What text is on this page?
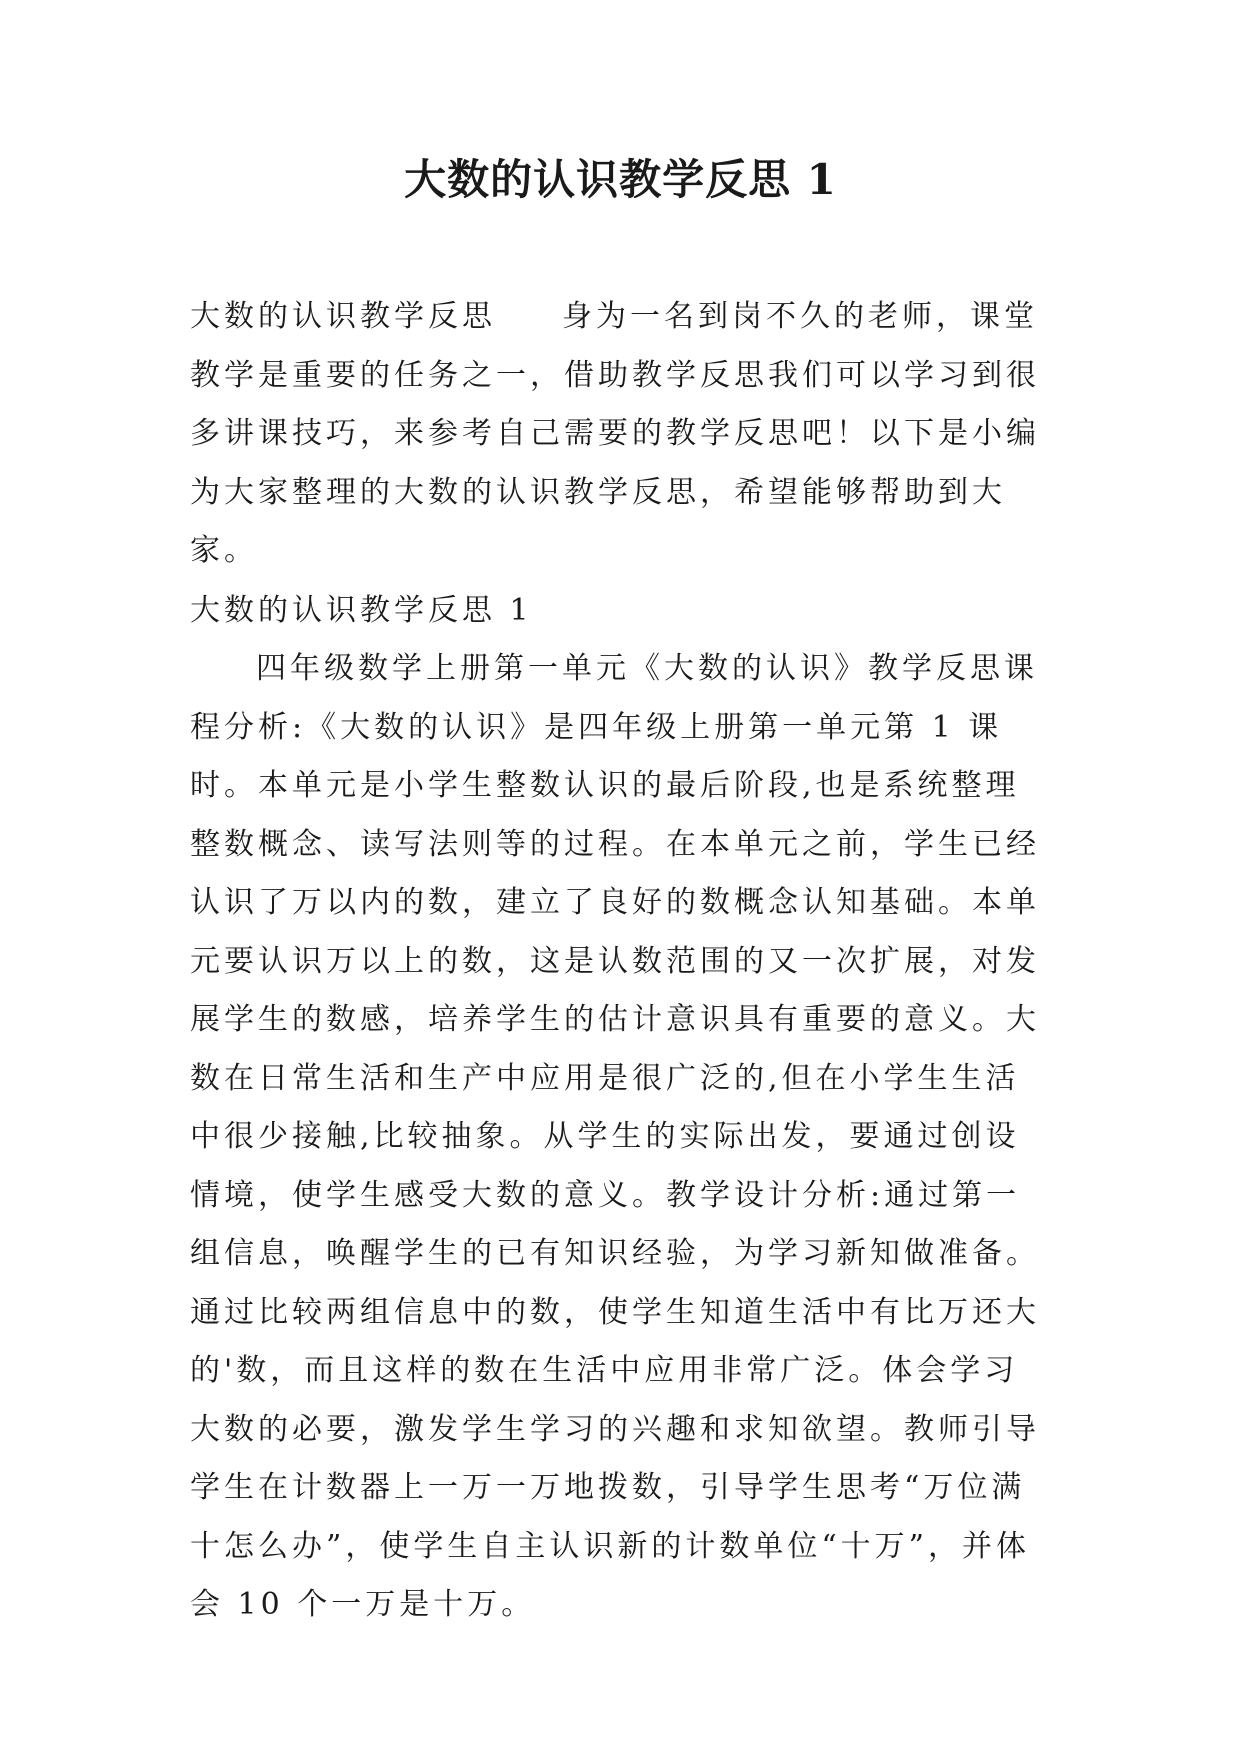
大数的认识教学反思 1

大数的认识教学反思 身为一名到岗不久的老师，课堂教学是重要的任务之一，借助教学反思我们可以学习到很多讲课技巧，来参考自己需要的教学反思吧！以下是小编为大家整理的大数的认识教学反思，希望能够帮助到大家。

大数的认识教学反思 1

四年级数学上册第一单元《大数的认识》教学反思课程分析:《大数的认识》是四年级上册第一单元第 1 课时。本单元是小学生整数认识的最后阶段,也是系统整理整数概念、读写法则等的过程。在本单元之前，学生已经认识了万以内的数，建立了良好的数概念认知基础。本单元要认识万以上的数，这是认数范围的又一次扩展，对发展学生的数感，培养学生的估计意识具有重要的意义。大数在日常生活和生产中应用是很广泛的,但在小学生生活中很少接触,比较抽象。从学生的实际出发，要通过创设情境，使学生感受大数的意义。教学设计分析:通过第一组信息，唤醒学生的已有知识经验，为学习新知做准备。通过比较两组信息中的数，使学生知道生活中有比万还大的'数，而且这样的数在生活中应用非常广泛。体会学习大数的必要，激发学生学习的兴趣和求知欲望。教师引导学生在计数器上一万一万地拨数，引导学生思考“万位满十怎么办”，使学生自主认识新的计数单位“十万”，并体会 10 个一万是十万。
